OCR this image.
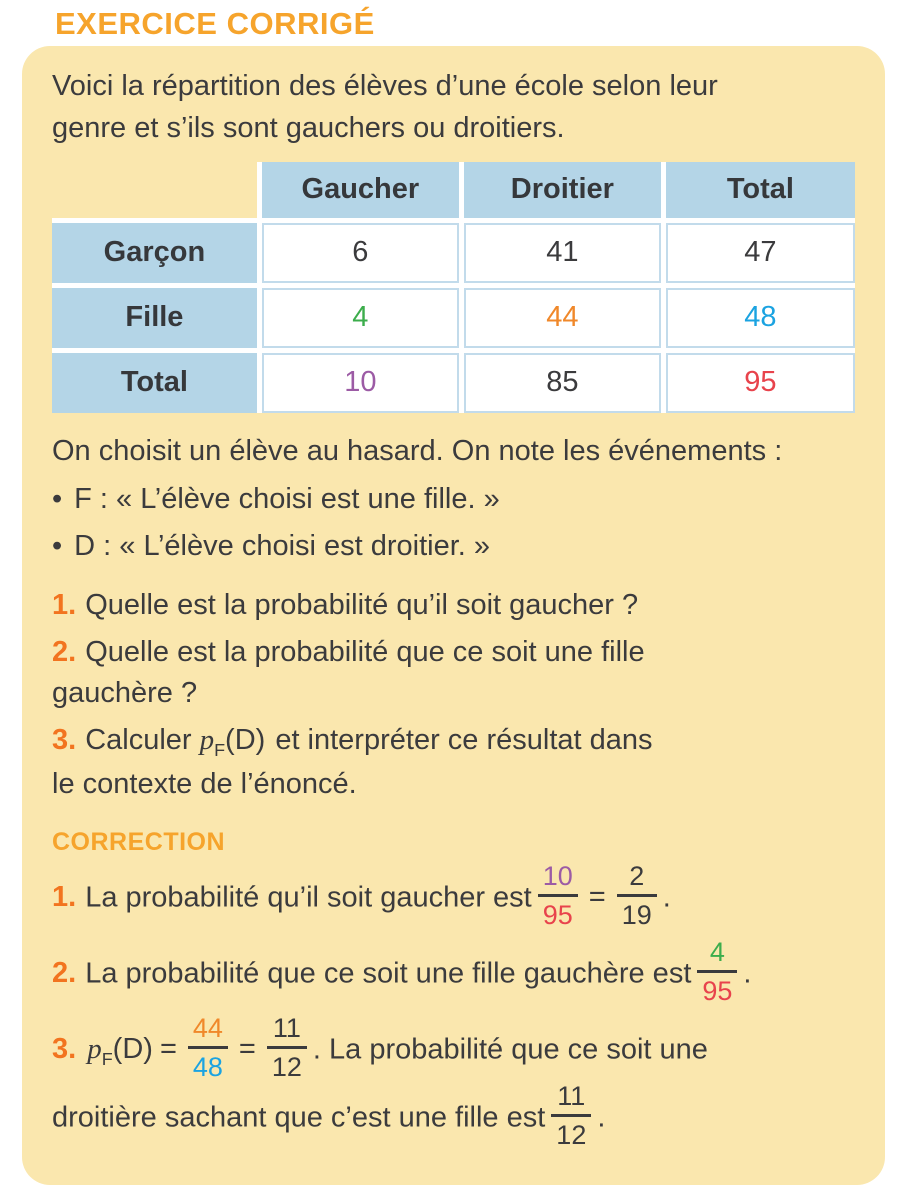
EXERCICE CORRIGÉ

Voici la répartition des élèves d’une école selon leur
genre et s’ils sont gauchers ou droitiers.

	Gaucher	Droitier	Total
Garçon	6	41	47
Fille	4	44	48
Total	10	85	95

On choisit un élève au hasard. On note les événements :

• F : « L’élève choisi est une fille. »
• D : « L’élève choisi est droitier. »

1. Quelle est la probabilité qu’il soit gaucher ?

2. Quelle est la probabilité que ce soit une fille
gauchère ?

3. Calculer $p_F(D)$ et interpréter ce résultat dans
le contexte de l’énoncé.

CORRECTION

1. La probabilité qu’il soit gaucher est $\frac{10}{95} = \frac{2}{19}$ .

2. La probabilité que ce soit une fille gauchère est $\frac{4}{95}$ .

3. $p_F(D) = \frac{44}{48} = \frac{11}{12}$ . La probabilité que ce soit une
droitière sachant que c’est une fille est $\frac{11}{12}$ .
